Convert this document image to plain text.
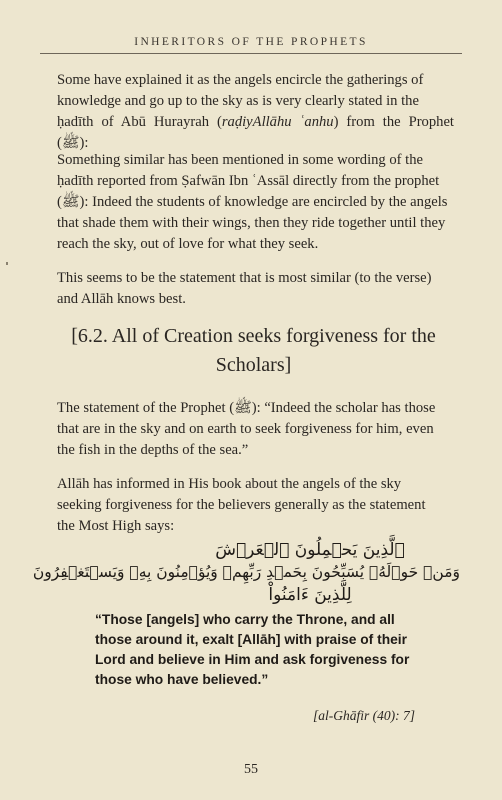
INHERITORS OF THE PROPHETS

Some have explained it as the angels encircle the gatherings of
knowledge and go up to the sky as is very clearly stated in the
ḥadīth of Abū Hurayrah (raḍiyAllāhu ʿanhu) from the Prophet (ﷺ):

Something similar has been mentioned in some wording of the
ḥadīth reported from Ṣafwān Ibn ʿAssāl directly from the prophet
(ﷺ): Indeed the students of knowledge are encircled by the angels
that shade them with their wings, then they ride together until they
reach the sky, out of love for what they seek.

This seems to be the statement that is most similar (to the verse)
and Allāh knows best.

[6.2. All of Creation seeks forgiveness for the
Scholars]

The statement of the Prophet (ﷺ): “Indeed the scholar has those
that are in the sky and on earth to seek forgiveness for him, even
the fish in the depths of the sea.”

Allāh has informed in His book about the angels of the sky
seeking forgiveness for the believers generally as the statement
the Most High says:

ٱلَّذِينَ يَحۡمِلُونَ ٱلۡعَرۡشَ
وَمَنۡ حَوۡلَهُۥ يُسَبِّحُونَ بِحَمۡدِ رَبِّهِمۡ وَيُؤۡمِنُونَ بِهِۦ وَيَسۡتَغۡفِرُونَ
لِلَّذِينَ ءَامَنُواْ

“Those [angels] who carry the Throne, and all
those around it, exalt [Allāh] with praise of their
Lord and believe in Him and ask forgiveness for
those who have believed.”

[al-Ghāfir (40): 7]
55
